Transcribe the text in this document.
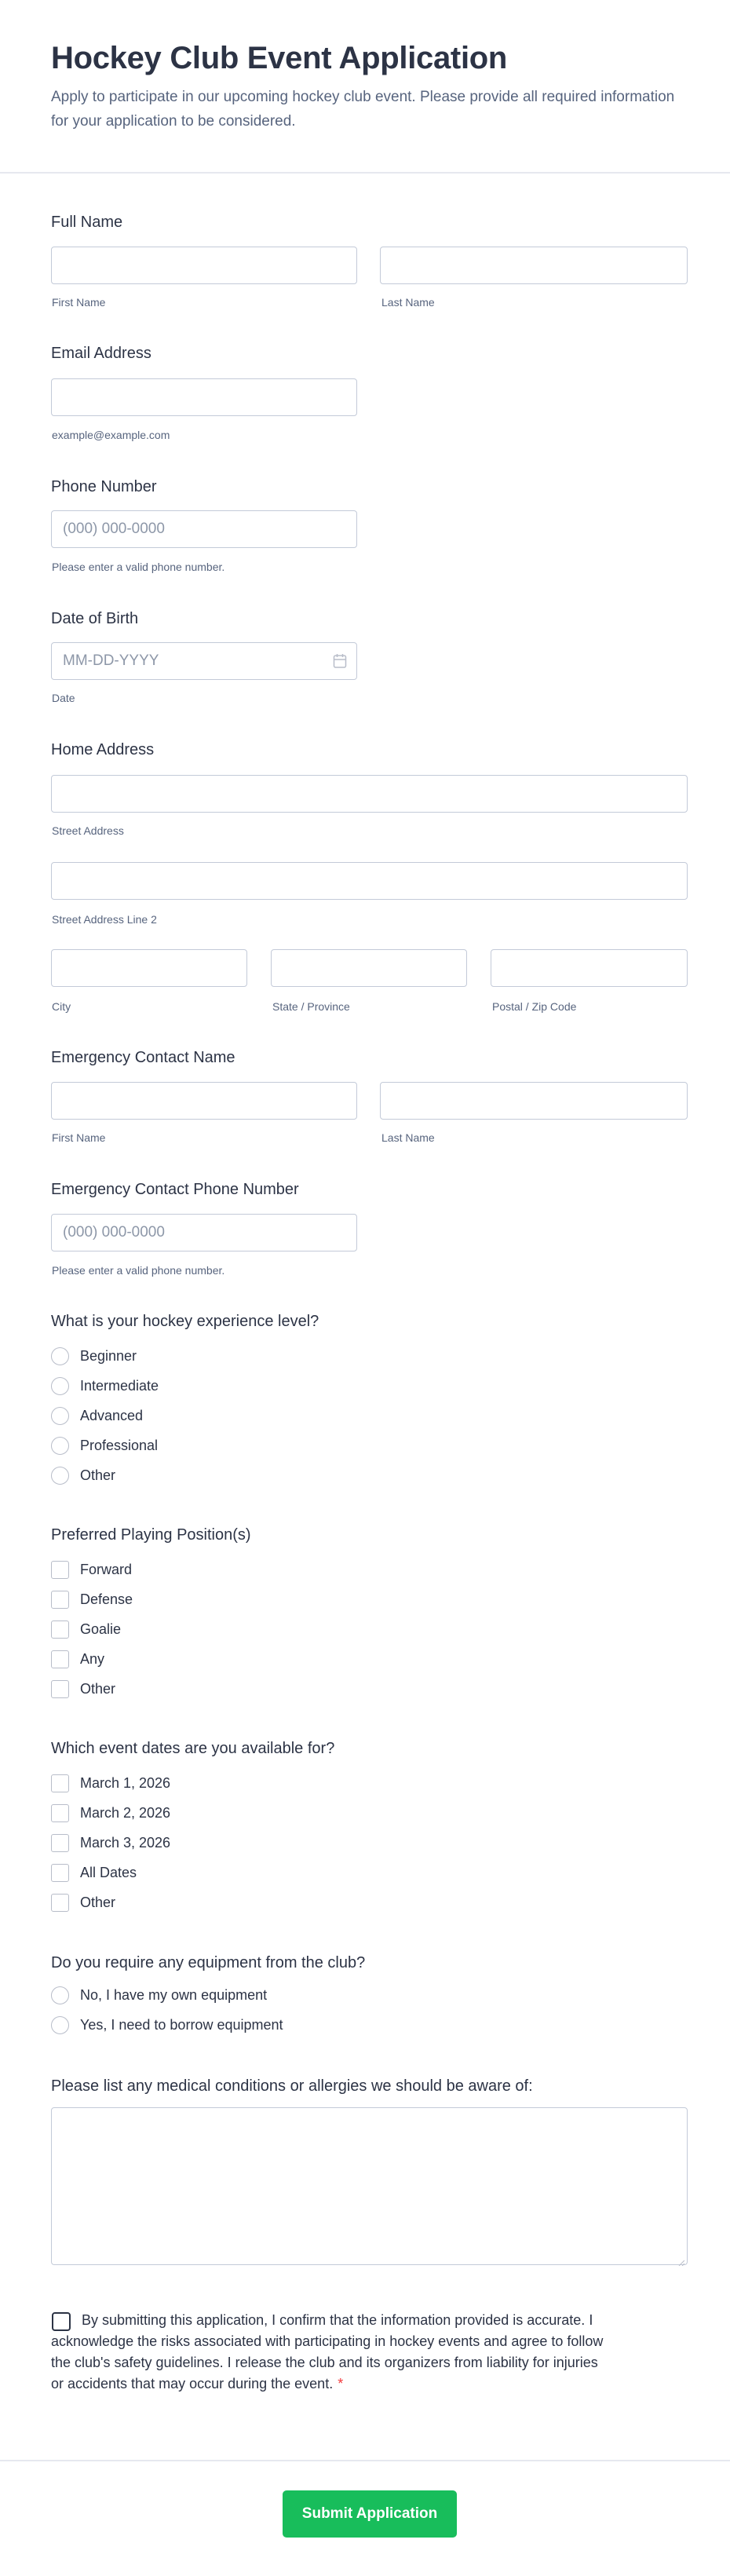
Hockey Club Event Application
Apply to participate in our upcoming hockey club event. Please provide all required information for your application to be considered.
Full Name
First Name	Last Name
Email Address
example@example.com
Phone Number
(000) 000-0000
Please enter a valid phone number.
Date of Birth
MM-DD-YYYY
Date
Home Address
Street Address
Street Address Line 2
City	State / Province	Postal / Zip Code
Emergency Contact Name
First Name	Last Name
Emergency Contact Phone Number
(000) 000-0000
Please enter a valid phone number.
What is your hockey experience level?
Beginner
Intermediate
Advanced
Professional
Other
Preferred Playing Position(s)
Forward
Defense
Goalie
Any
Other
Which event dates are you available for?
March 1, 2026
March 2, 2026
March 3, 2026
All Dates
Other
Do you require any equipment from the club?
No, I have my own equipment
Yes, I need to borrow equipment
Please list any medical conditions or allergies we should be aware of:
By submitting this application, I confirm that the information provided is accurate. I acknowledge the risks associated with participating in hockey events and agree to follow the club's safety guidelines. I release the club and its organizers from liability for injuries or accidents that may occur during the event. *
Submit Application
